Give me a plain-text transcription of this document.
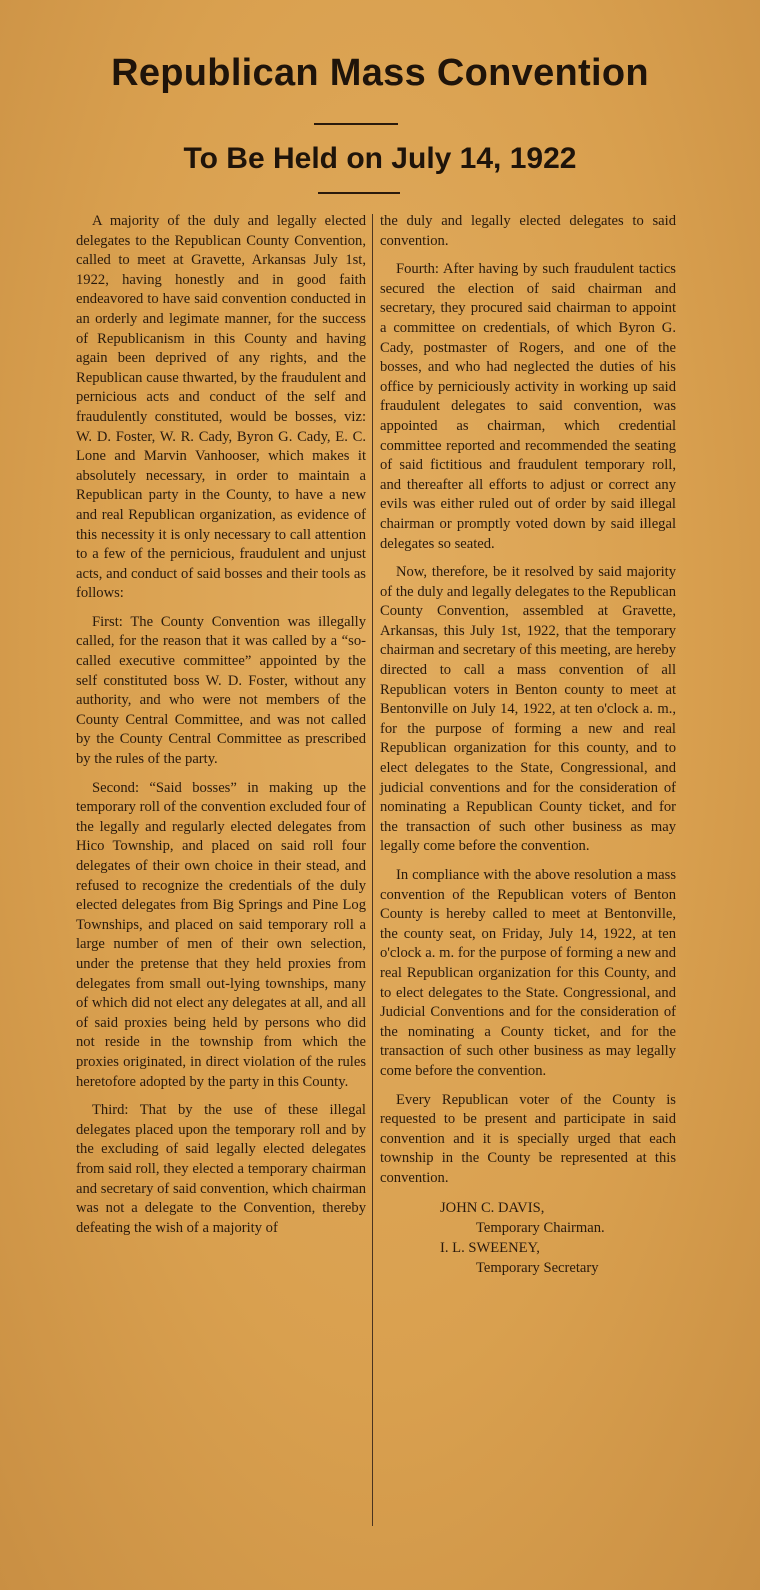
Republican Mass Convention
To Be Held on July 14, 1922

A majority of the duly and legally elected delegates to the Republican County Convention, called to meet at Gravette, Arkansas July 1st, 1922, having honestly and in good faith endeavored to have said convention conducted in an orderly and legimate manner, for the success of Republicanism in this County and having again been deprived of any rights, and the Republican cause thwarted, by the fraudulent and pernicious acts and conduct of the self and fraudulently constituted, would be bosses, viz: W. D. Foster, W. R. Cady, Byron G. Cady, E. C. Lone and Marvin Vanhooser, which makes it absolutely necessary, in order to maintain a Republican party in the County, to have a new and real Republican organization, as evidence of this necessity it is only necessary to call attention to a few of the pernicious, fraudulent and unjust acts, and conduct of said bosses and their tools as follows:

First: The County Convention was illegally called, for the reason that it was called by a “so-called executive committee” appointed by the self constituted boss W. D. Foster, without any authority, and who were not members of the County Central Committee, and was not called by the County Central Committee as prescribed by the rules of the party.

Second: “Said bosses” in making up the temporary roll of the convention excluded four of the legally and regularly elected delegates from Hico Township, and placed on said roll four delegates of their own choice in their stead, and refused to recognize the credentials of the duly elected delegates from Big Springs and Pine Log Townships, and placed on said temporary roll a large number of men of their own selection, under the pretense that they held proxies from delegates from small out-lying townships, many of which did not elect any delegates at all, and all of said proxies being held by persons who did not reside in the township from which the proxies originated, in direct violation of the rules heretofore adopted by the party in this County.

Third: That by the use of these illegal delegates placed upon the temporary roll and by the excluding of said legally elected delegates from said roll, they elected a temporary chairman and secretary of said convention, which chairman was not a delegate to the Convention, thereby defeating the wish of a majority of

the duly and legally elected delegates to said convention.

Fourth: After having by such fraudulent tactics secured the election of said chairman and secretary, they procured said chairman to appoint a committee on credentials, of which Byron G. Cady, postmaster of Rogers, and one of the bosses, and who had neglected the duties of his office by perniciously activity in working up said fraudulent delegates to said convention, was appointed as chairman, which credential committee reported and recommended the seating of said fictitious and fraudulent temporary roll, and thereafter all efforts to adjust or correct any evils was either ruled out of order by said illegal chairman or promptly voted down by said illegal delegates so seated.

Now, therefore, be it resolved by said majority of the duly and legally delegates to the Republican County Convention, assembled at Gravette, Arkansas, this July 1st, 1922, that the temporary chairman and secretary of this meeting, are hereby directed to call a mass convention of all Republican voters in Benton county to meet at Bentonville on July 14, 1922, at ten o'clock a. m., for the purpose of forming a new and real Republican organization for this county, and to elect delegates to the State, Congressional, and judicial conventions and for the consideration of nominating a Republican County ticket, and for the transaction of such other business as may legally come before the convention.

In compliance with the above resolution a mass convention of the Republican voters of Benton County is hereby called to meet at Bentonville, the county seat, on Friday, July 14, 1922, at ten o'clock a. m. for the purpose of forming a new and real Republican organization for this County, and to elect delegates to the State. Congressional, and Judicial Conventions and for the consideration of the nominating a County ticket, and for the transaction of such other business as may legally come before the convention.

Every Republican voter of the County is requested to be present and participate in said convention and it is specially urged that each township in the County be represented at this convention.

JOHN C. DAVIS,
Temporary Chairman.
I. L. SWEENEY,
Temporary Secretary
